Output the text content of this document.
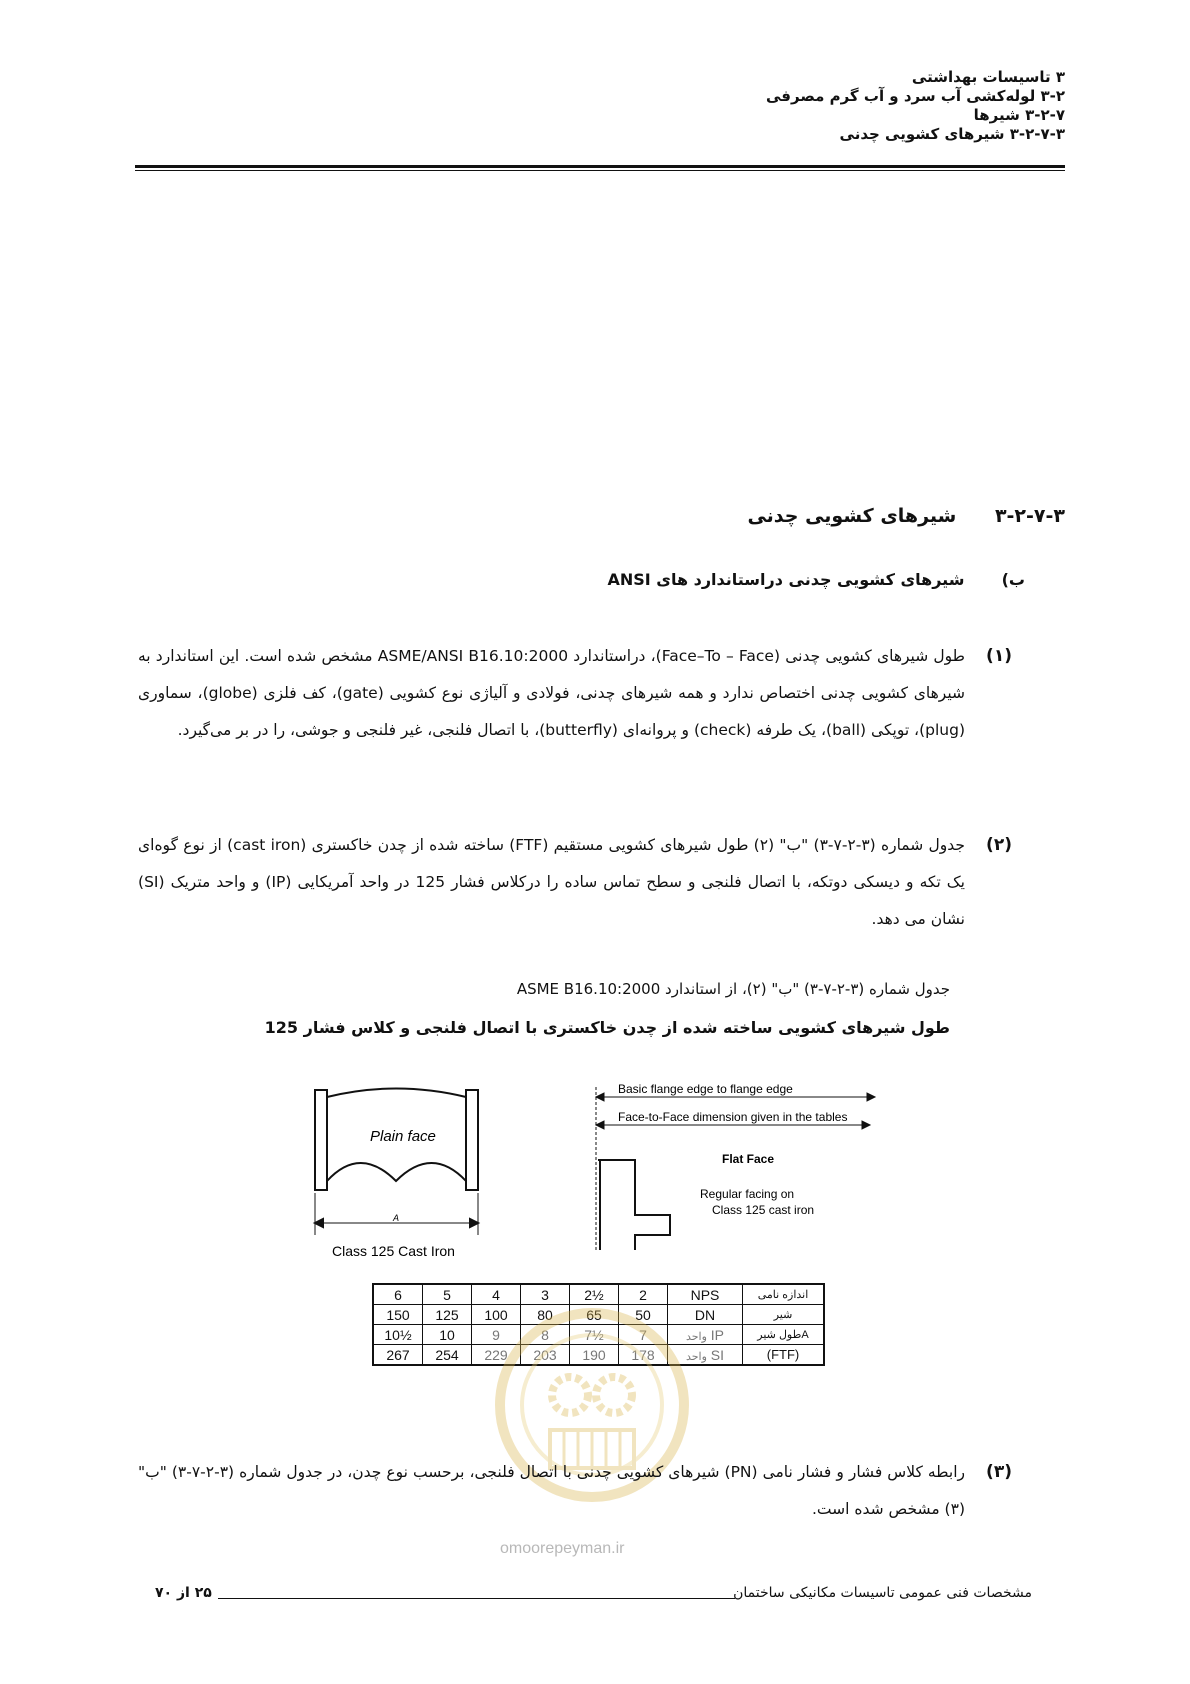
۳ تاسیسات بهداشتی
۳-۲ لوله‌کشی آب سرد و آب گرم مصرفی
۳-۲-۷ شیرها
۳-۲-۷-۳ شیرهای کشویی چدنی
۳-۲-۷-۳ شیرهای کشویی چدنی
ب) شیرهای کشویی چدنی دراستاندارد های ANSI
(۱)
طول شیرهای کشویی چدنی (Face–To – Face)، دراستاندارد ASME/ANSI B16.10:2000 مشخص شده است. این استاندارد به شیرهای کشویی چدنی اختصاص ندارد و همه شیرهای چدنی، فولادی و آلیاژی نوع کشویی (gate)، کف فلزی (globe)، سماوری (plug)، توپکی (ball)، یک طرفه (check) و پروانه‌ای (butterfly)، با اتصال فلنجی، غیر فلنجی و جوشی، را در بر می‌گیرد.
(۲)
جدول شماره (۳-۲-۷-۳) "ب" (۲) طول شیرهای کشویی مستقیم (FTF) ساخته شده از چدن خاکستری (cast iron) از نوع گوه‌ای یک تکه و دیسکی دوتکه، با اتصال فلنجی و سطح تماس ساده را درکلاس فشار 125 در واحد آمریکایی (IP) و واحد متریک (SI) نشان می دهد.
جدول شماره (۳-۲-۷-۳) "ب" (۲)، از استاندارد ASME B16.10:2000
طول شیرهای کشویی ساخته شده از چدن خاکستری با اتصال فلنجی و کلاس فشار 125
Plain face
A
Class 125 Cast Iron
Basic flange edge to flange edge
Face-to-Face dimension given in the tables
Flat Face
Regular facing on
Class 125 cast iron
6	5	4	3	2½	2	NPS	اندازه نامی
150	125	100	80	65	50	DN	شیر
10½	10	9	8	7½	7	واحد IP	Aطول شیر
267	254	229	203	190	178	واحد SI	(FTF)
(۳)
رابطه کلاس فشار و فشار نامی (PN) شیرهای کشویی چدنی با اتصال فلنجی، برحسب نوع چدن، در جدول شماره (۳-۲-۷-۳) "ب" (۳) مشخص شده است.
omoorepeyman.ir
۲۵ از ۷۰	مشخصات فنی عمومی تاسیسات مکانیکی ساختمان
